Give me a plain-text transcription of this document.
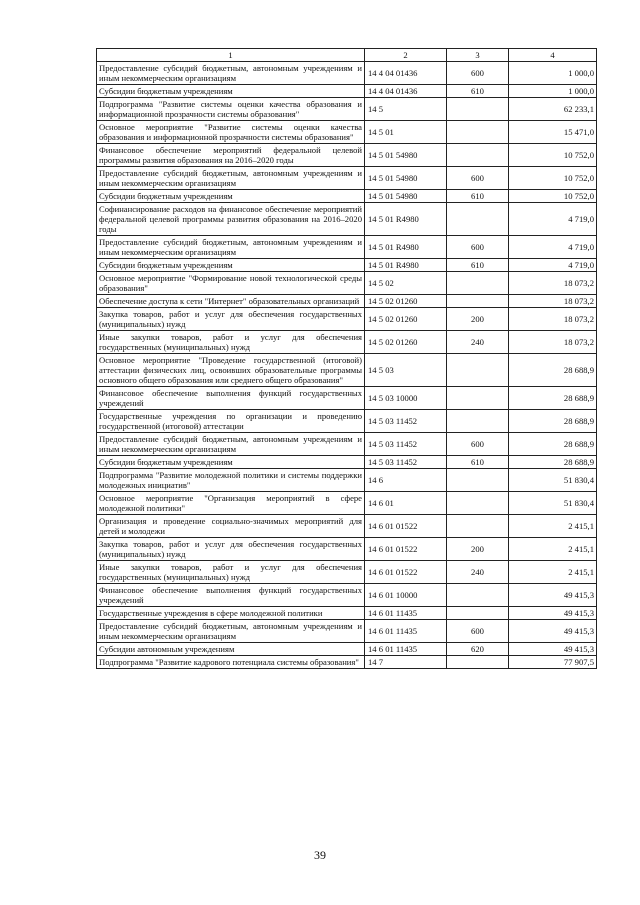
1	2	3	4
Предоставление субсидий бюджетным, автономным учреждениям и иным некоммерческим организациям	14 4 04 01436	600	1 000,0
Субсидии бюджетным учреждениям	14 4 04 01436	610	1 000,0
Подпрограмма "Развитие системы оценки качества образования и информационной прозрачности системы образования"	14 5		62 233,1
Основное мероприятие "Развитие системы оценки качества образования и информационной прозрачности системы образования"	14 5 01		15 471,0
Финансовое обеспечение мероприятий федеральной целевой программы развития образования на 2016–2020 годы	14 5 01 54980		10 752,0
Предоставление субсидий бюджетным, автономным учреждениям и иным некоммерческим организациям	14 5 01 54980	600	10 752,0
Субсидии бюджетным учреждениям	14 5 01 54980	610	10 752,0
Софинансирование расходов на финансовое обеспечение мероприятий федеральной целевой программы развития образования на 2016–2020 годы	14 5 01 R4980		4 719,0
Предоставление субсидий бюджетным, автономным учреждениям и иным некоммерческим организациям	14 5 01 R4980	600	4 719,0
Субсидии бюджетным учреждениям	14 5 01 R4980	610	4 719,0
Основное мероприятие "Формирование новой технологической среды образования"	14 5 02		18 073,2
Обеспечение доступа к сети "Интернет" образовательных организаций	14 5 02 01260		18 073,2
Закупка товаров, работ и услуг для обеспечения государственных (муниципальных) нужд	14 5 02 01260	200	18 073,2
Иные закупки товаров, работ и услуг для обеспечения государственных (муниципальных) нужд	14 5 02 01260	240	18 073,2
Основное мероприятие "Проведение государственной (итоговой) аттестации физических лиц, освоивших образовательные программы основного общего образования или среднего общего образования"	14 5 03		28 688,9
Финансовое обеспечение выполнения функций государственных учреждений	14 5 03 10000		28 688,9
Государственные учреждения по организации и проведению государственной (итоговой) аттестации	14 5 03 11452		28 688,9
Предоставление субсидий бюджетным, автономным учреждениям и иным некоммерческим организациям	14 5 03 11452	600	28 688,9
Субсидии бюджетным учреждениям	14 5 03 11452	610	28 688,9
Подпрограмма "Развитие молодежной политики и системы поддержки молодежных инициатив"	14 6		51 830,4
Основное мероприятие "Организация мероприятий в сфере молодежной политики"	14 6 01		51 830,4
Организация и проведение социально-значимых мероприятий для детей и молодежи	14 6 01 01522		2 415,1
Закупка товаров, работ и услуг для обеспечения государственных (муниципальных) нужд	14 6 01 01522	200	2 415,1
Иные закупки товаров, работ и услуг для обеспечения государственных (муниципальных) нужд	14 6 01 01522	240	2 415,1
Финансовое обеспечение выполнения функций государственных учреждений	14 6 01 10000		49 415,3
Государственные учреждения в сфере молодежной политики	14 6 01 11435		49 415,3
Предоставление субсидий бюджетным, автономным учреждениям и иным некоммерческим организациям	14 6 01 11435	600	49 415,3
Субсидии автономным учреждениям	14 6 01 11435	620	49 415,3
Подпрограмма "Развитие кадрового потенциала системы образования"	14 7		77 907,5
39
